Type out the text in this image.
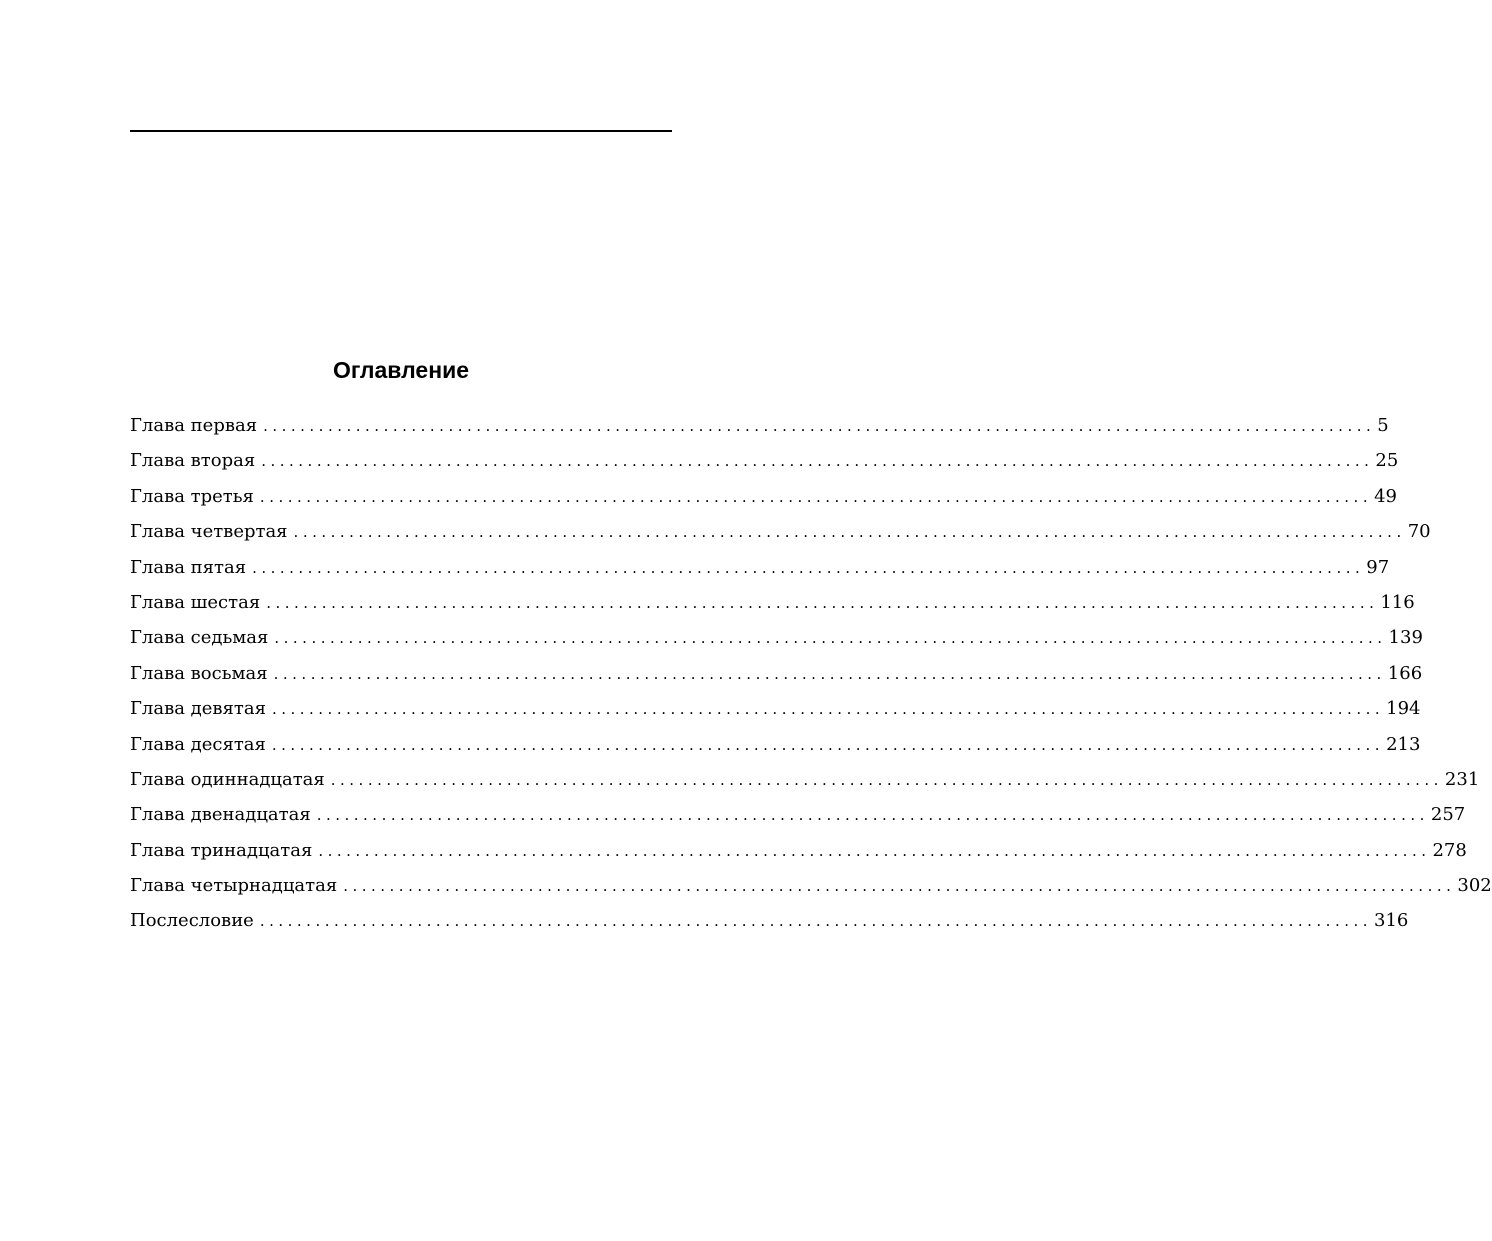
Оглавление
Глава первая ........................................................................................................................ 5
Глава вторая ........................................................................................................................ 25
Глава третья ........................................................................................................................ 49
Глава четвертая ........................................................................................................................ 70
Глава пятая ........................................................................................................................ 97
Глава шестая ........................................................................................................................ 116
Глава седьмая ........................................................................................................................ 139
Глава восьмая ........................................................................................................................ 166
Глава девятая ........................................................................................................................ 194
Глава десятая ........................................................................................................................ 213
Глава одиннадцатая ........................................................................................................................ 231
Глава двенадцатая ........................................................................................................................ 257
Глава тринадцатая ........................................................................................................................ 278
Глава четырнадцатая ........................................................................................................................ 302
Послесловие ........................................................................................................................ 316
